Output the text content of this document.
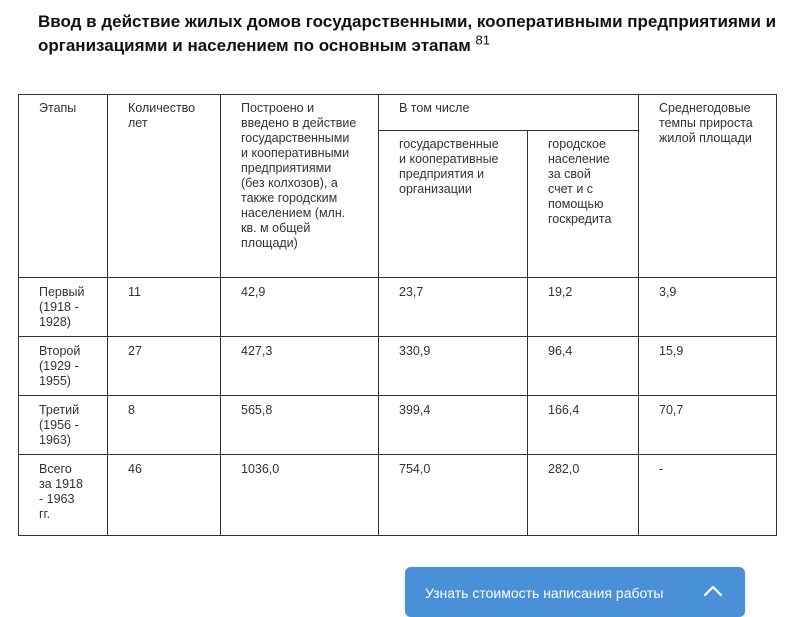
Ввод в действие жилых домов государственными, кооперативными предприятиями и организациями и населением по основным этапам $^{81}$
Этапы	Количество лет	Построено и введено в действие государственными и кооперативными предприятиями (без колхозов), а также городским населением (млн. кв. м общей площади)	В том числе		Среднегодовые темпы прироста жилой площади
			государственные и кооперативные предприятия и организации	городское население за свой счет и с помощью госкредита	
Первый (1918 - 1928)	11	42,9	23,7	19,2	3,9
Второй (1929 - 1955)	27	427,3	330,9	96,4	15,9
Третий (1956 - 1963)	8	565,8	399,4	166,4	70,7
Всего за 1918 - 1963 гг.	46	1036,0	754,0	282,0	-
Узнать стоимость написания работы
